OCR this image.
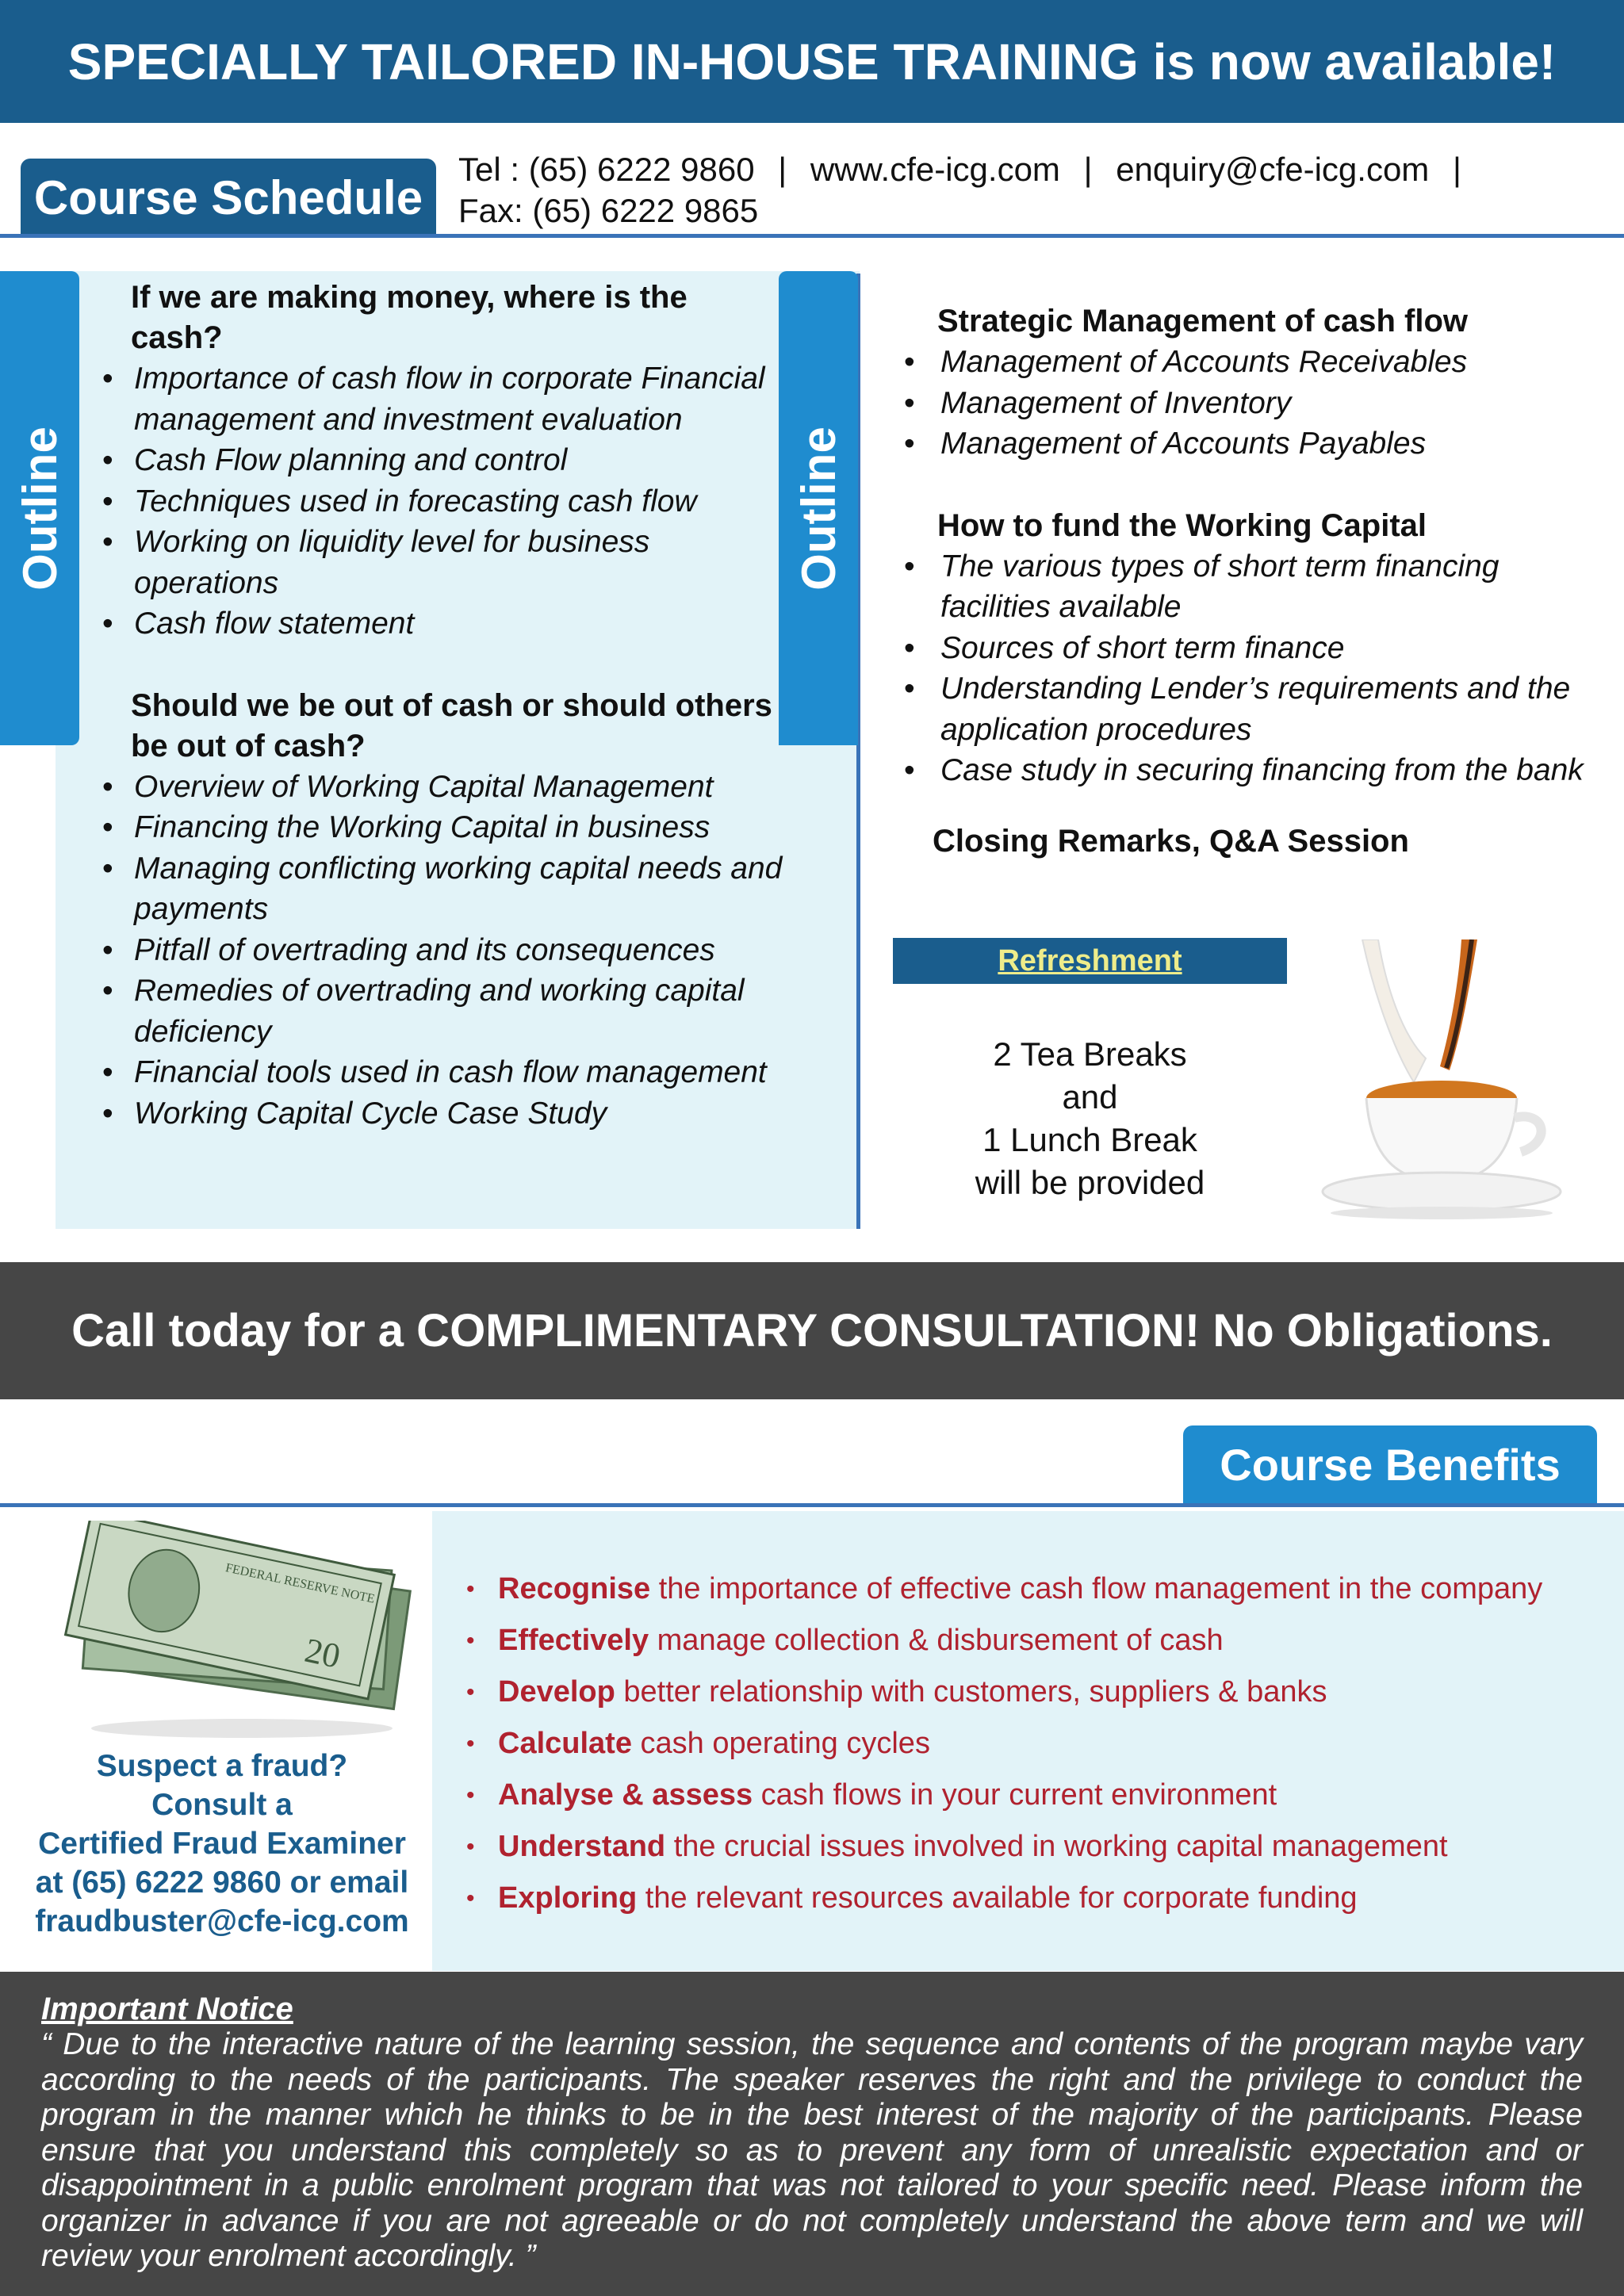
SPECIALLY TAILORED IN-HOUSE TRAINING is now available!
Course Schedule
Tel : (65) 6222 9860 | www.cfe-icg.com | enquiry@cfe-icg.com |
Fax: (65) 6222 9865
Outline	Outline
If we are making money, where is the cash?
• Importance of cash flow in corporate Financial management and investment evaluation
• Cash Flow planning and control
• Techniques used in forecasting cash flow
• Working on liquidity level for business operations
• Cash flow statement
Should we be out of cash or should others be out of cash?
• Overview of Working Capital Management
• Financing the Working Capital in business
• Managing conflicting working capital needs and payments
• Pitfall of overtrading and its consequences
• Remedies of overtrading and working capital deficiency
• Financial tools used in cash flow management
• Working Capital Cycle Case Study
Strategic Management of cash flow
• Management of Accounts Receivables
• Management of Inventory
• Management of Accounts Payables
How to fund the Working Capital
• The various types of short term financing facilities available
• Sources of short term finance
• Understanding Lender’s requirements and the application procedures
• Case study in securing financing from the bank
Closing Remarks, Q&A Session
Refreshment
2 Tea Breaks
and
1 Lunch Break
will be provided
Call today for a COMPLIMENTARY CONSULTATION! No Obligations.
Course Benefits
20
FEDERAL RESERVE NOTE
Suspect a fraud?
Consult a
Certified Fraud Examiner
at (65) 6222 9860 or email
fraudbuster@cfe-icg.com
• Recognise the importance of effective cash flow management in the company
• Effectively manage collection & disbursement of cash
• Develop better relationship with customers, suppliers & banks
• Calculate cash operating cycles
• Analyse & assess cash flows in your current environment
• Understand the crucial issues involved in working capital management
• Exploring the relevant resources available for corporate funding
Important Notice
“ Due to the interactive nature of the learning session, the sequence and contents of the program maybe vary according to the needs of the participants. The speaker reserves the right and the privilege to conduct the program in the manner which he thinks to be in the best interest of the majority of the participants. Please ensure that you understand this completely so as to prevent any form of unrealistic expectation and or disappointment in a public enrolment program that was not tailored to your specific need. Please inform the organizer in advance if you are not agreeable or do not completely understand the above term and we will review your enrolment accordingly. ”
